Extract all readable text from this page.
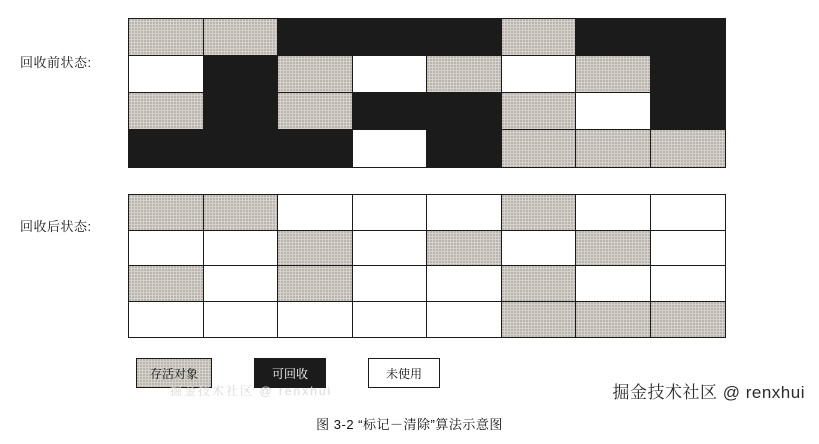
回收前状态:
回收后状态:
存活对象	可回收	未使用
图 3-2 “标记－清除”算法示意图
掘金技术社区 @ renxhui	掘金技术社区 @ renxhui
